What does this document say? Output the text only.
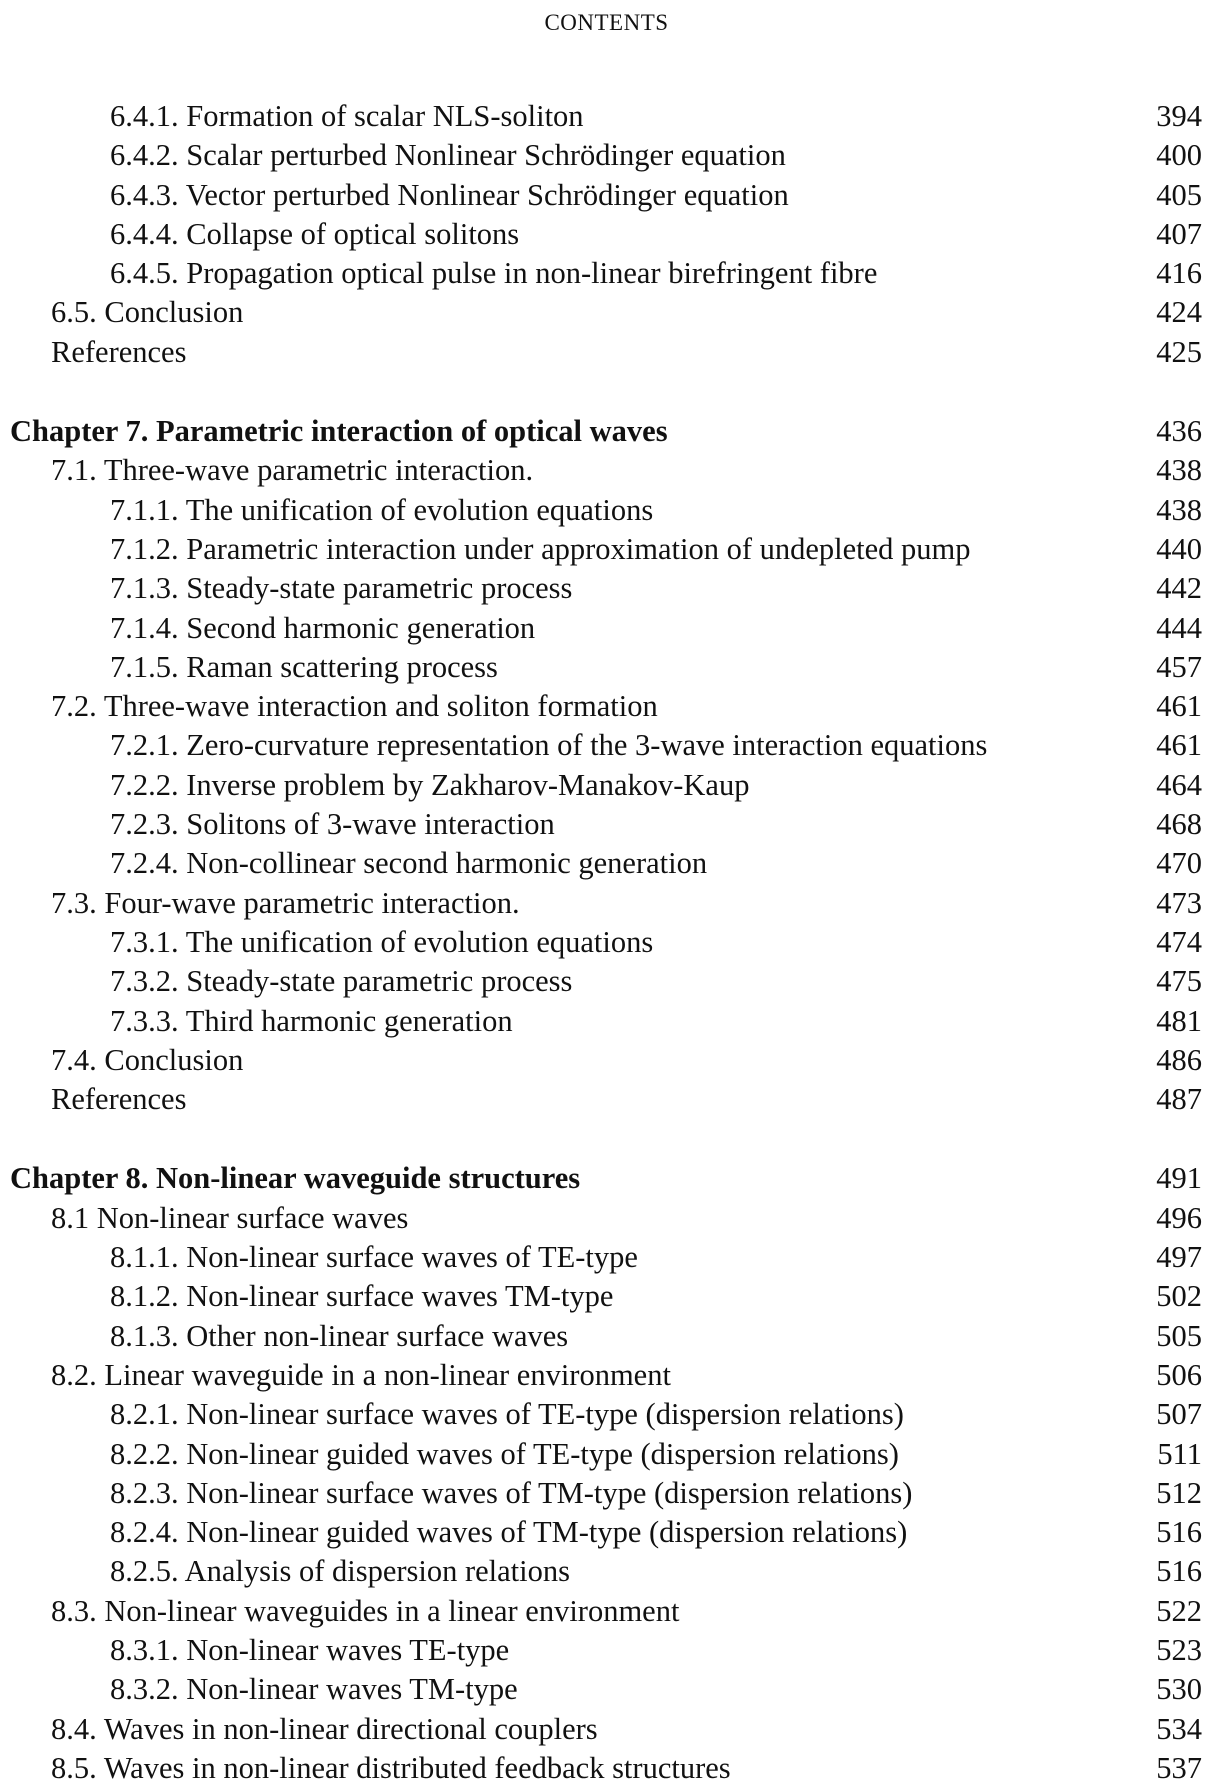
CONTENTS
6.4.1. Formation of scalar NLS-soliton	394
6.4.2. Scalar perturbed Nonlinear Schrödinger equation	400
6.4.3. Vector perturbed Nonlinear Schrödinger equation	405
6.4.4. Collapse of optical solitons	407
6.4.5. Propagation optical pulse in non-linear birefringent fibre	416
6.5. Conclusion	424
References	425
Chapter 7. Parametric interaction of optical waves	436
7.1. Three-wave parametric interaction.	438
7.1.1. The unification of evolution equations	438
7.1.2. Parametric interaction under approximation of undepleted pump	440
7.1.3. Steady-state parametric process	442
7.1.4. Second harmonic generation	444
7.1.5. Raman scattering process	457
7.2. Three-wave interaction and soliton formation	461
7.2.1. Zero-curvature representation of the 3-wave interaction equations	461
7.2.2. Inverse problem by Zakharov-Manakov-Kaup	464
7.2.3. Solitons of 3-wave interaction	468
7.2.4. Non-collinear second harmonic generation	470
7.3. Four-wave parametric interaction.	473
7.3.1. The unification of evolution equations	474
7.3.2. Steady-state parametric process	475
7.3.3. Third harmonic generation	481
7.4. Conclusion	486
References	487
Chapter 8. Non-linear waveguide structures	491
8.1 Non-linear surface waves	496
8.1.1. Non-linear surface waves of TE-type	497
8.1.2. Non-linear surface waves TM-type	502
8.1.3. Other non-linear surface waves	505
8.2. Linear waveguide in a non-linear environment	506
8.2.1. Non-linear surface waves of TE-type (dispersion relations)	507
8.2.2. Non-linear guided waves of TE-type (dispersion relations)	511
8.2.3. Non-linear surface waves of TM-type (dispersion relations)	512
8.2.4. Non-linear guided waves of TM-type (dispersion relations)	516
8.2.5. Analysis of dispersion relations	516
8.3. Non-linear waveguides in a linear environment	522
8.3.1. Non-linear waves TE-type	523
8.3.2. Non-linear waves TM-type	530
8.4. Waves in non-linear directional couplers	534
8.5. Waves in non-linear distributed feedback structures	537
